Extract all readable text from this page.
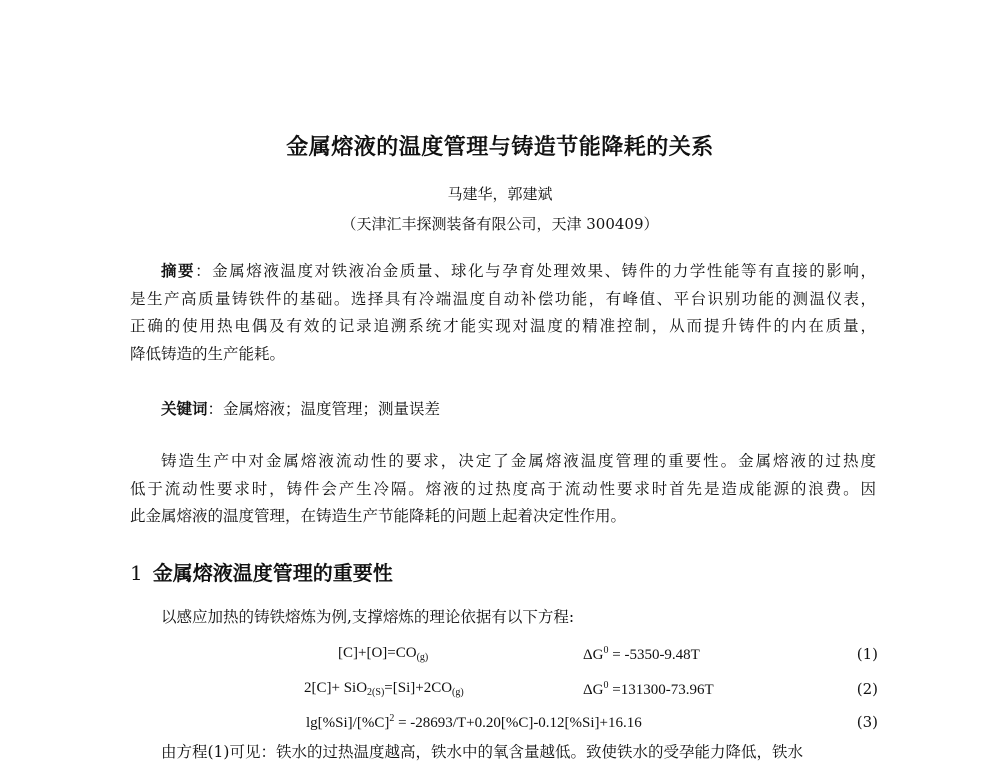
金属熔液的温度管理与铸造节能降耗的关系
马建华，郭建斌
（天津汇丰探测装备有限公司，天津 300409）
摘要：金属熔液温度对铁液冶金质量、球化与孕育处理效果、铸件的力学性能等有直接的影响，
是生产高质量铸铁件的基础。选择具有冷端温度自动补偿功能，有峰值、平台识别功能的测温仪表，
正确的使用热电偶及有效的记录追溯系统才能实现对温度的精准控制，从而提升铸件的内在质量，
降低铸造的生产能耗。
关键词：金属熔液；温度管理；测量误差
铸造生产中对金属熔液流动性的要求，决定了金属熔液温度管理的重要性。金属熔液的过热度
低于流动性要求时，铸件会产生冷隔。熔液的过热度高于流动性要求时首先是造成能源的浪费。因
此金属熔液的温度管理，在铸造生产节能降耗的问题上起着决定性作用。
1 金属熔液温度管理的重要性
以感应加热的铸铁熔炼为例,支撑熔炼的理论依据有以下方程:
$[C]+[O]=CO_{(g)}$	$\Delta G^0 = -5350-9.48T$	(1)
$2[C]+ SiO_{2(S)}=[Si]+2CO_{(g)}$	$\Delta G^0 =131300-73.96T$	(2)
$\lg[\%Si]/[\%C]^2 = -28693/T+0.20[\%C]-0.12[\%Si]+16.16$	(3)
由方程(1)可见：铁水的过热温度越高，铁水中的氧含量越低。致使铁水的受孕能力降低，铁水
